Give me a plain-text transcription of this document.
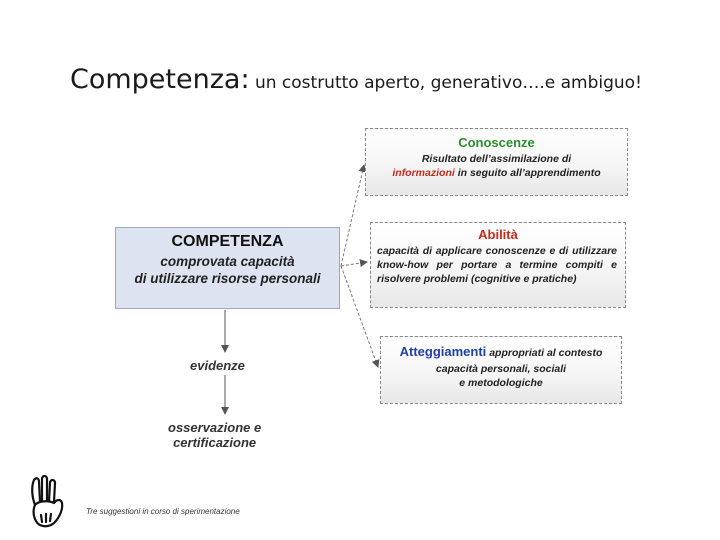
Competenza: un costrutto aperto, generativo….e ambiguo!
COMPETENZA
comprovata capacità
di utilizzare risorse personali
Conoscenze
Risultato dell’assimilazione di
informazioni in seguito all’apprendimento
Abilità
capacità di applicare conoscenze e di utilizzare know-how per portare a termine compiti e risolvere problemi (cognitive e pratiche)
Atteggiamenti appropriati al contesto
capacità personali, sociali
e metodologiche
evidenze
osservazione e
certificazione
Tre suggestioni in corso di sperimentazione
